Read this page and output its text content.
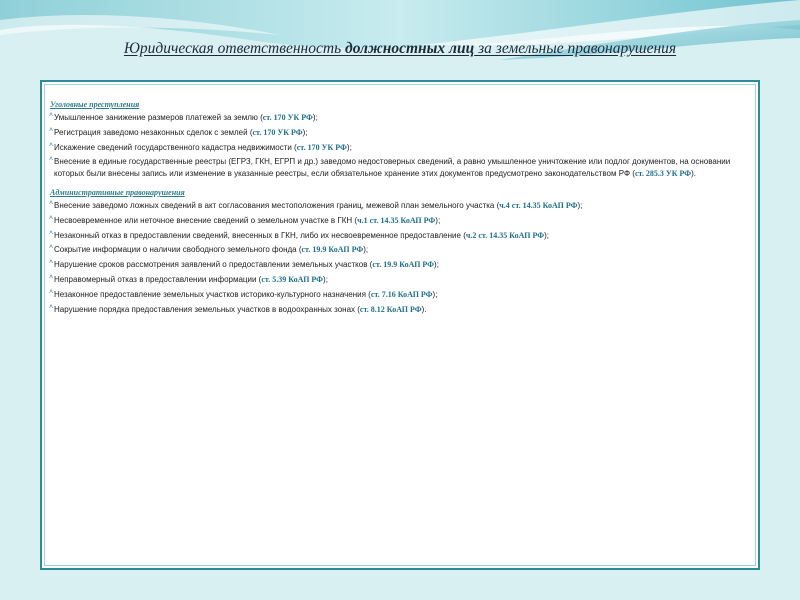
Юридическая ответственность должностных лиц за земельные правонарушения
Уголовные преступления
˄ Умышленное занижение размеров платежей за землю (ст. 170 УК РФ);
˄ Регистрация заведомо незаконных сделок с землей (ст. 170 УК РФ);
˄ Искажение сведений государственного кадастра недвижимости (ст. 170 УК РФ);
˄ Внесение в единые государственные реестры (ЕГРЗ, ГКН, ЕГРП и др.) заведомо недостоверных сведений, а равно умышленное уничтожение или подлог документов, на основании которых были внесены запись или изменение в указанные реестры, если обязательное хранение этих документов предусмотрено законодательством РФ (ст. 285.3 УК РФ).
Административные правонарушения
˄ Внесение заведомо ложных сведений в акт согласования местоположения границ, межевой план земельного участка (ч.4 ст. 14.35 КоАП РФ);
˄ Несвоевременное или неточное внесение сведений о земельном участке в ГКН (ч.1 ст. 14.35 КоАП РФ);
˄ Незаконный отказ в предоставлении сведений, внесенных в ГКН, либо их несвоевременное предоставление (ч.2 ст. 14.35 КоАП РФ);
˄ Сокрытие информации о наличии свободного земельного фонда (ст. 19.9 КоАП РФ);
˄ Нарушение сроков рассмотрения заявлений о предоставлении земельных участков (ст. 19.9 КоАП РФ);
˄ Неправомерный отказ в предоставлении информации (ст. 5.39 КоАП РФ);
˄ Незаконное предоставление земельных участков историко-культурного назначения (ст. 7.16 КоАП РФ);
˄ Нарушение порядка предоставления земельных участков в водоохранных зонах (ст. 8.12 КоАП РФ).
